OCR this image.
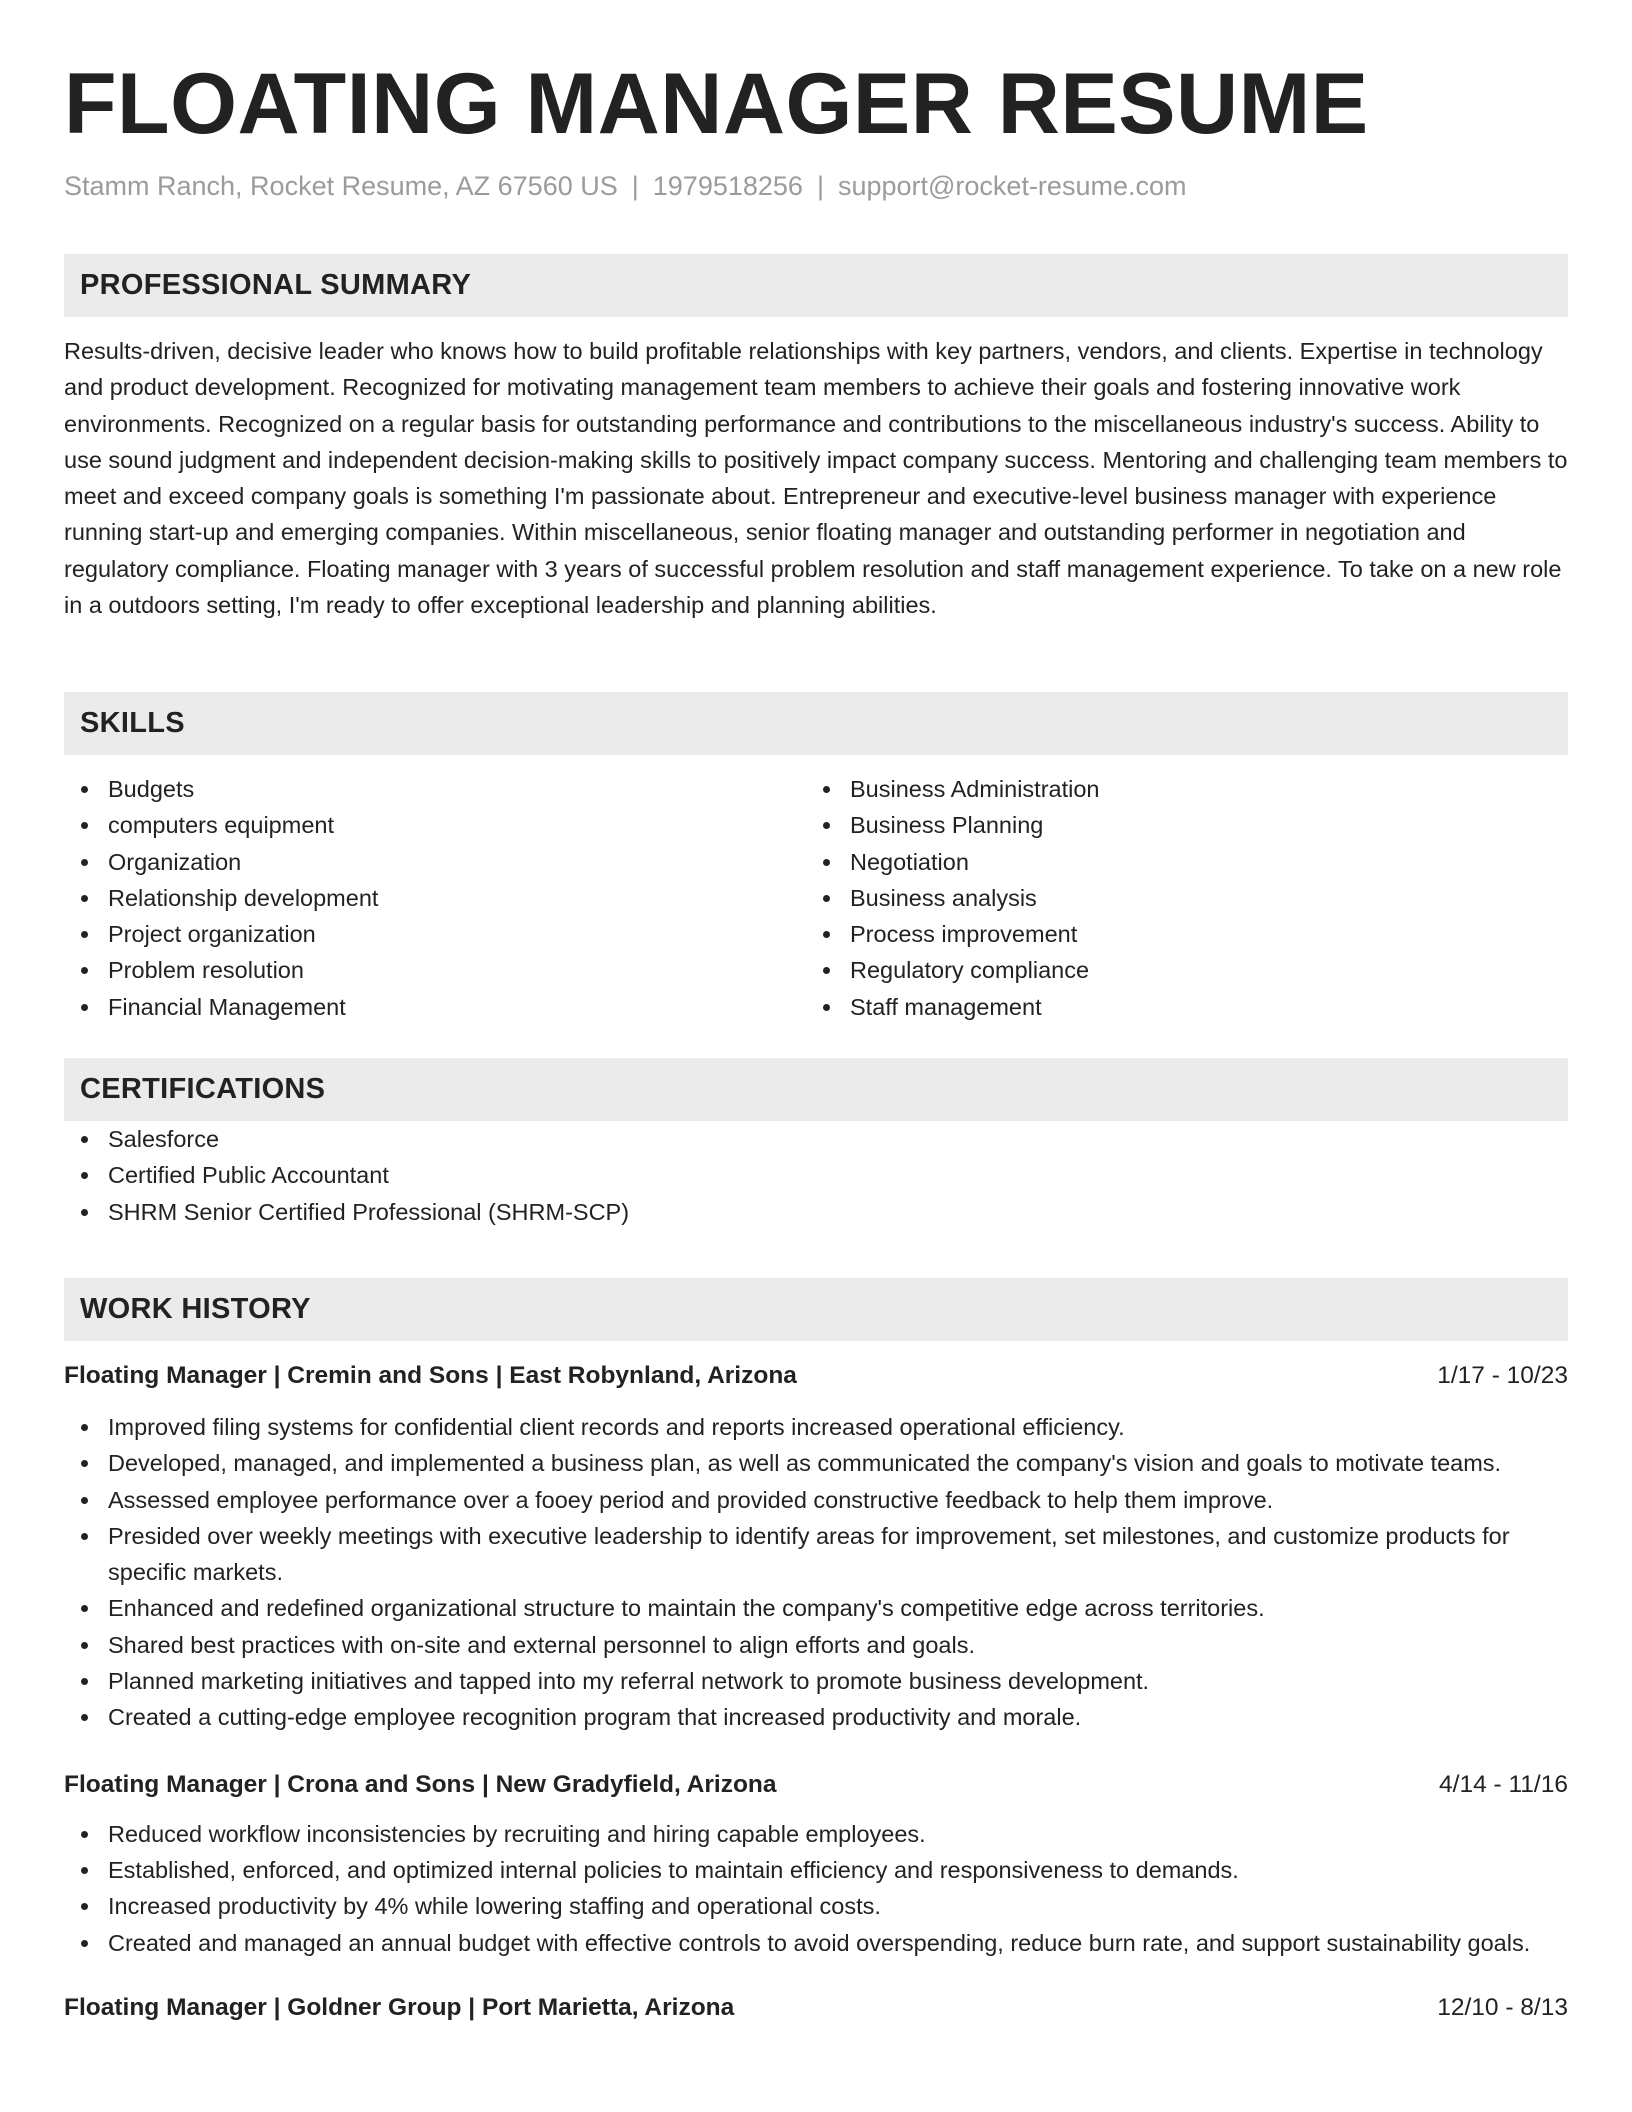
FLOATING MANAGER RESUME
Stamm Ranch, Rocket Resume, AZ 67560 US | 1979518256 | support@rocket-resume.com
PROFESSIONAL SUMMARY

Results-driven, decisive leader who knows how to build profitable relationships with key partners, vendors, and clients. Expertise in technology and product development. Recognized for motivating management team members to achieve their goals and fostering innovative work environments. Recognized on a regular basis for outstanding performance and contributions to the miscellaneous industry's success. Ability to use sound judgment and independent decision-making skills to positively impact company success. Mentoring and challenging team members to meet and exceed company goals is something I'm passionate about. Entrepreneur and executive-level business manager with experience running start-up and emerging companies. Within miscellaneous, senior floating manager and outstanding performer in negotiation and regulatory compliance. Floating manager with 3 years of successful problem resolution and staff management experience. To take on a new role in a outdoors setting, I'm ready to offer exceptional leadership and planning abilities.

SKILLS
Budgets
computers equipment
Organization
Relationship development
Project organization
Problem resolution
Financial Management
Business Administration
Business Planning
Negotiation
Business analysis
Process improvement
Regulatory compliance
Staff management
CERTIFICATIONS
Salesforce
Certified Public Accountant
SHRM Senior Certified Professional (SHRM-SCP)
WORK HISTORY
Floating Manager | Cremin and Sons | East Robynland, Arizona	1/17 - 10/23
Improved filing systems for confidential client records and reports increased operational efficiency.
Developed, managed, and implemented a business plan, as well as communicated the company's vision and goals to motivate teams.
Assessed employee performance over a fooey period and provided constructive feedback to help them improve.
Presided over weekly meetings with executive leadership to identify areas for improvement, set milestones, and customize products for specific markets.
Enhanced and redefined organizational structure to maintain the company's competitive edge across territories.
Shared best practices with on-site and external personnel to align efforts and goals.
Planned marketing initiatives and tapped into my referral network to promote business development.
Created a cutting-edge employee recognition program that increased productivity and morale.
Floating Manager | Crona and Sons | New Gradyfield, Arizona	4/14 - 11/16
Reduced workflow inconsistencies by recruiting and hiring capable employees.
Established, enforced, and optimized internal policies to maintain efficiency and responsiveness to demands.
Increased productivity by 4% while lowering staffing and operational costs.
Created and managed an annual budget with effective controls to avoid overspending, reduce burn rate, and support sustainability goals.
Floating Manager | Goldner Group | Port Marietta, Arizona	12/10 - 8/13
